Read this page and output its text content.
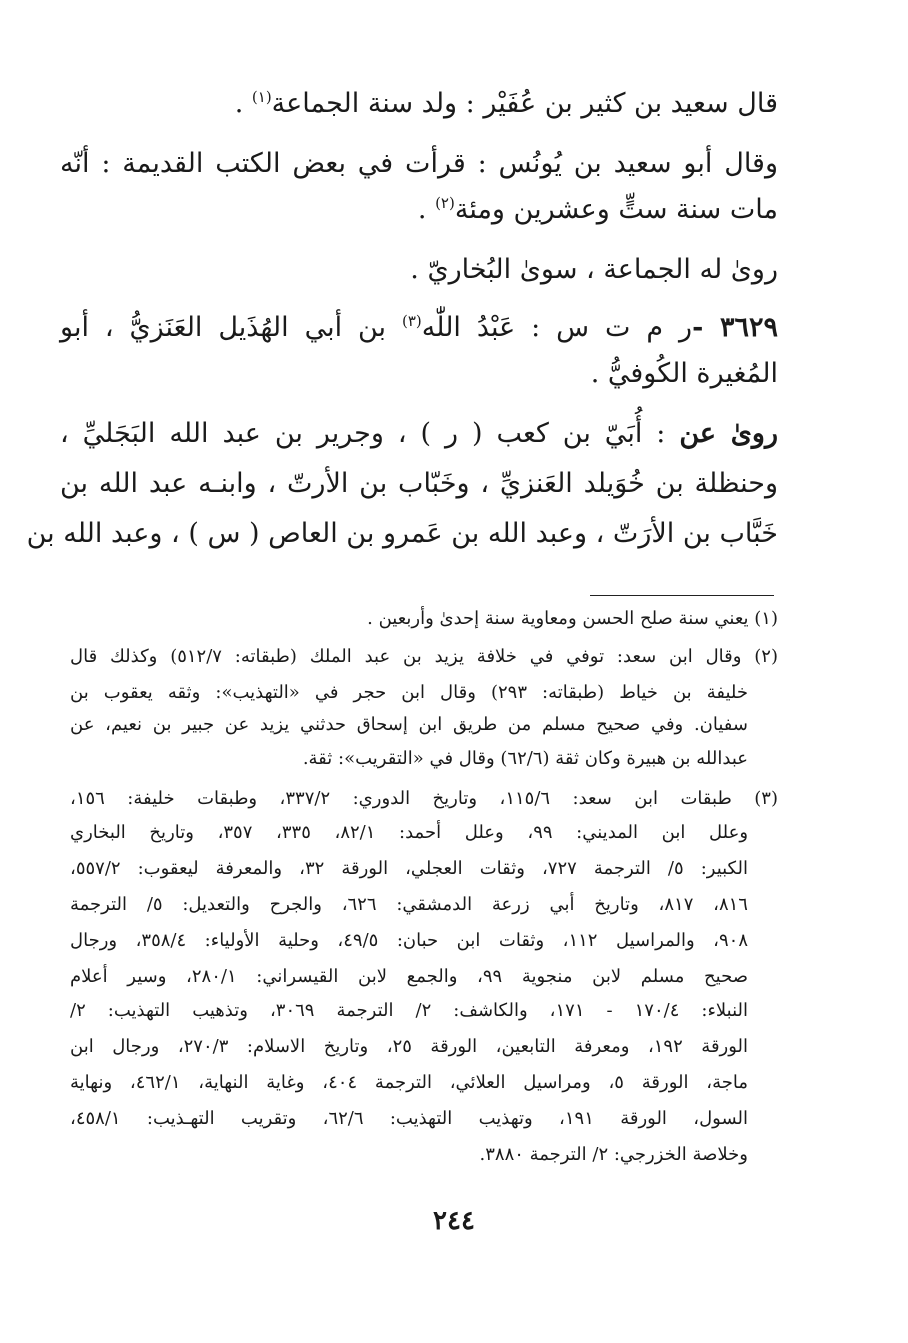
قال سعيد بن كثير بن عُفَيْر : ولد سنة الجماعة$^{(١)}$ .
وقال أبو سعيد بن يُونُس : قرأت في بعض الكتب القديمة : أنّه
مات سنة ستٍّ وعشرين ومئة$^{(٢)}$ .
روىٰ له الجماعة ، سوىٰ البُخاريّ .
٣٦٢٩ -ر م ت س : عَبْدُ اللّٰه$^{(٣)}$ بن أبي الهُذَيل العَنَزيُّ ، أبو
المُغيرة الكُوفيُّ .
روىٰ عن : أُبَيّ بن كعب ( ر ) ، وجرير بن عبد الله البَجَليِّ ،
وحنظلة بن خُوَيلد العَنزيِّ ، وخَبّاب بن الأرتّ ، وابنـه عبد الله بن
خَبَّاب بن الأرَتّ ، وعبد الله بن عَمرو بن العاص ( س ) ، وعبد الله بن
(١) يعني سنة صلح الحسن ومعاوية سنة إحدىٰ وأربعين .
(٢) وقال ابن سعد: توفي في خلافة يزيد بن عبد الملك (طبقاته: ٥١٢/٧) وكذلك قال
خليفة بن خياط (طبقاته: ٢٩٣) وقال ابن حجر في «التهذيب»: وثقه يعقوب بن
سفيان. وفي صحيح مسلم من طريق ابن إسحاق حدثني يزيد عن جبير بن نعيم، عن
عبدالله بن هبيرة وكان ثقة (٦٢/٦) وقال في «التقريب»: ثقة.
(٣) طبقات ابن سعد: ١١٥/٦، وتاريخ الدوري: ٣٣٧/٢، وطبقات خليفة: ١٥٦،
وعلل ابن المديني: ٩٩، وعلل أحمد: ٨٢/١، ٣٣٥، ٣٥٧، وتاريخ البخاري
الكبير: ٥/ الترجمة ٧٢٧، وثقات العجلي، الورقة ٣٢، والمعرفة ليعقوب: ٥٥٧/٢،
٨١٦، ٨١٧، وتاريخ أبي زرعة الدمشقي: ٦٢٦، والجرح والتعديل: ٥/ الترجمة
٩٠٨، والمراسيل ١١٢، وثقات ابن حبان: ٤٩/٥، وحلية الأولياء: ٣٥٨/٤، ورجال
صحيح مسلم لابن منجوية ٩٩، والجمع لابن القيسراني: ٢٨٠/١، وسير أعلام
النبلاء: ١٧٠/٤ - ١٧١، والكاشف: ٢/ الترجمة ٣٠٦٩، وتذهيب التهذيب: ٢/
الورقة ١٩٢، ومعرفة التابعين، الورقة ٢٥، وتاريخ الاسلام: ٢٧٠/٣، ورجال ابن
ماجة، الورقة ٥، ومراسيل العلائي، الترجمة ٤٠٤، وغاية النهاية، ٤٦٢/١، ونهاية
السول، الورقة ١٩١، وتهذيب التهذيب: ٦٢/٦، وتقريب التهـذيب: ٤٥٨/١،
وخلاصة الخزرجي: ٢/ الترجمة ٣٨٨٠.
٢٤٤
